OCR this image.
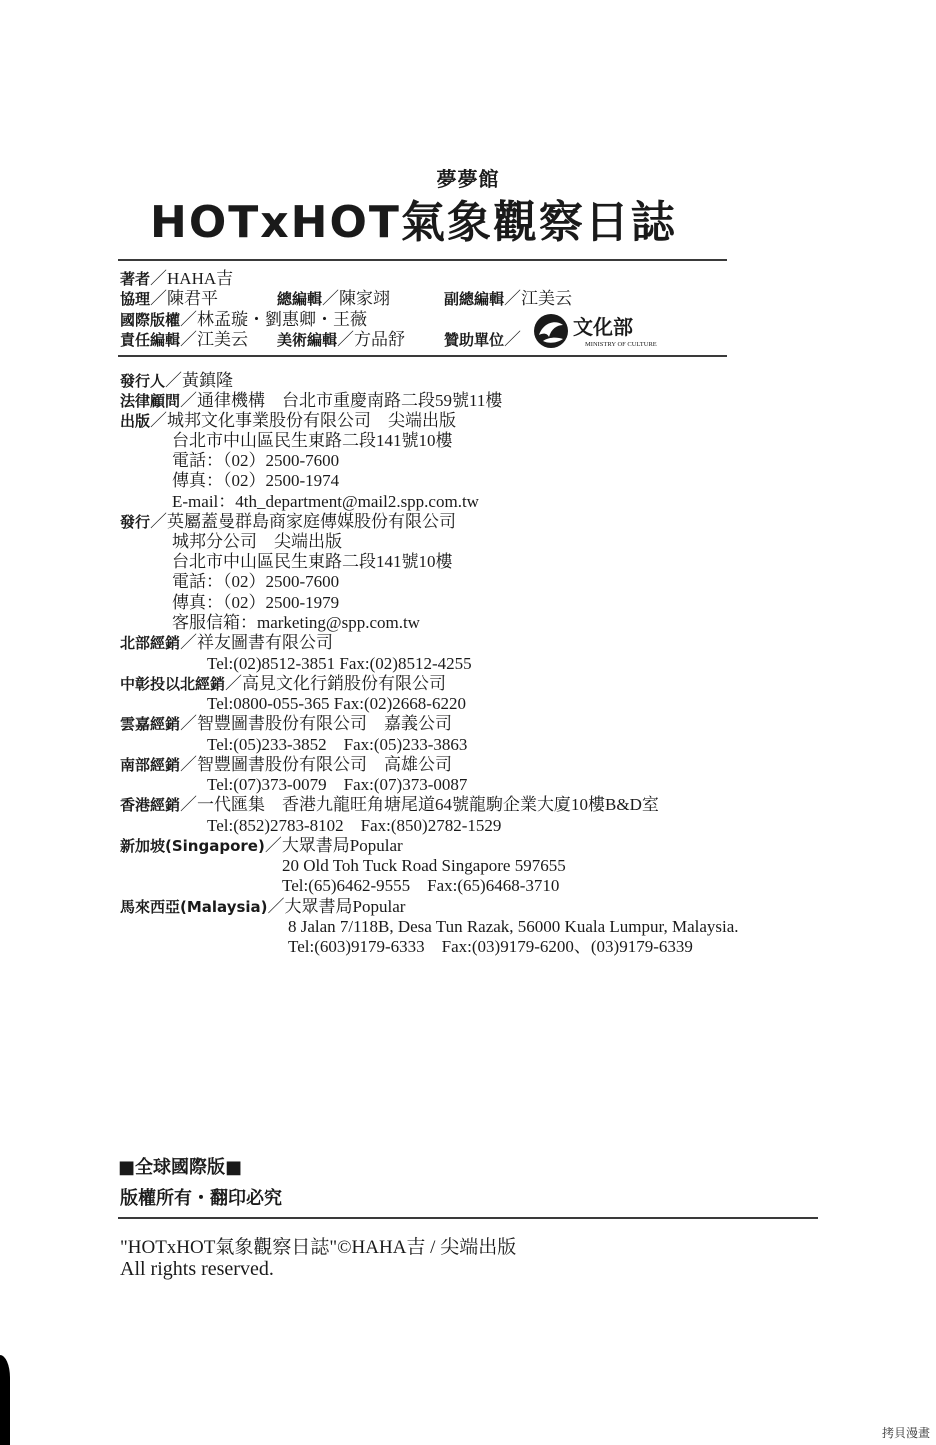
夢夢館
HOTxHOT氣象觀察日誌
著者／HAHA吉
協理／陳君平	總編輯／陳家翊	副總編輯／江美云
國際版權／林孟璇・劉惠卿・王薇
責任編輯／江美云 美術編輯／方品舒	贊助單位／
文化部
MINISTRY OF CULTURE
發行人／黃鎮隆
法律顧問／通律機構　台北市重慶南路二段59號11樓
出版／城邦文化事業股份有限公司　尖端出版
台北市中山區民生東路二段141號10樓
電話：（02）2500-7600
傳真：（02）2500-1974
E-mail：4th_department@mail2.spp.com.tw
發行／英屬蓋曼群島商家庭傳媒股份有限公司
城邦分公司　尖端出版
台北市中山區民生東路二段141號10樓
電話：（02）2500-7600
傳真：（02）2500-1979
客服信箱：marketing@spp.com.tw
北部經銷／祥友圖書有限公司
Tel:(02)8512-3851 Fax:(02)8512-4255
中彰投以北經銷／高見文化行銷股份有限公司
Tel:0800-055-365 Fax:(02)2668-6220
雲嘉經銷／智豐圖書股份有限公司　嘉義公司
Tel:(05)233-3852　Fax:(05)233-3863
南部經銷／智豐圖書股份有限公司　高雄公司
Tel:(07)373-0079　Fax:(07)373-0087
香港經銷／一代匯集　香港九龍旺角塘尾道64號龍駒企業大廈10樓B&D室
Tel:(852)2783-8102　Fax:(850)2782-1529
新加坡(Singapore)／大眾書局Popular
20 Old Toh Tuck Road Singapore 597655
Tel:(65)6462-9555　Fax:(65)6468-3710
馬來西亞(Malaysia)／大眾書局Popular
8 Jalan 7/118B, Desa Tun Razak, 56000 Kuala Lumpur, Malaysia.
Tel:(603)9179-6333　Fax:(03)9179-6200、(03)9179-6339
■全球國際版■
版權所有・翻印必究
"HOTxHOT氣象觀察日誌"©HAHA吉 / 尖端出版
All rights reserved.
拷貝漫畫
